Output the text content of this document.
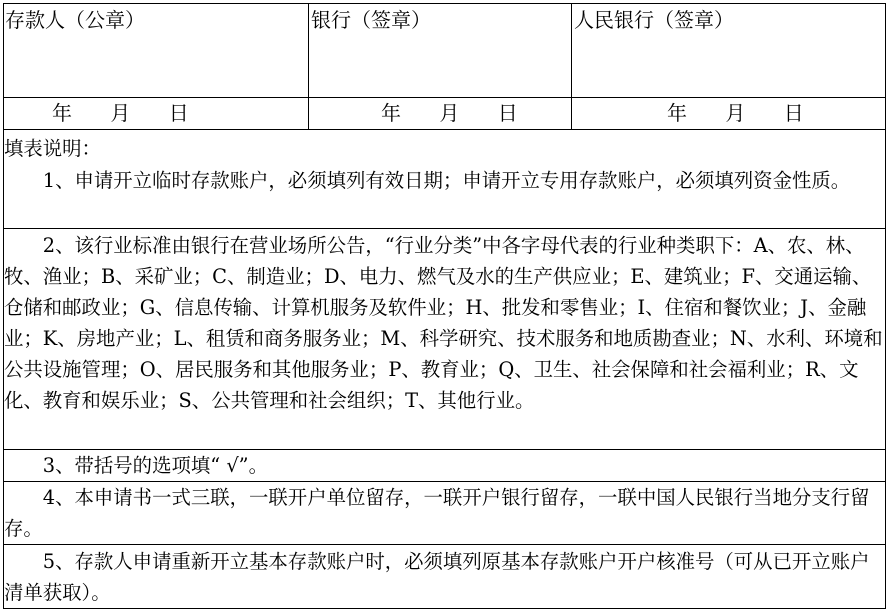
存款人（公章）	银行（签章）	人民银行（签章）
年 月 日	年 月 日	年 月 日
填表说明：
　　1、申请开立临时存款账户，必须填列有效日期；申请开立专用存款账户，必须填列资金性质。
　　2、该行业标准由银行在营业场所公告，“行业分类”中各字母代表的行业种类职下：A、农、林、牧、渔业；B、采矿业；C、制造业；D、电力、燃气及水的生产供应业；E、建筑业；F、交通运输、仓储和邮政业；G、信息传输、计算机服务及软件业；H、批发和零售业；I、住宿和餐饮业；J、金融业；K、房地产业；L、租赁和商务服务业；M、科学研究、技术服务和地质勘查业；N、水利、环境和公共设施管理；O、居民服务和其他服务业；P、教育业；Q、卫生、社会保障和社会福利业；R、文化、教育和娱乐业；S、公共管理和社会组织；T、其他行业。
　　3、带括号的选项填“ √”。
　　4、本申请书一式三联，一联开户单位留存，一联开户银行留存，一联中国人民银行当地分支行留存。
　　5、存款人申请重新开立基本存款账户时，必须填列原基本存款账户开户核准号（可从已开立账户清单获取）。
